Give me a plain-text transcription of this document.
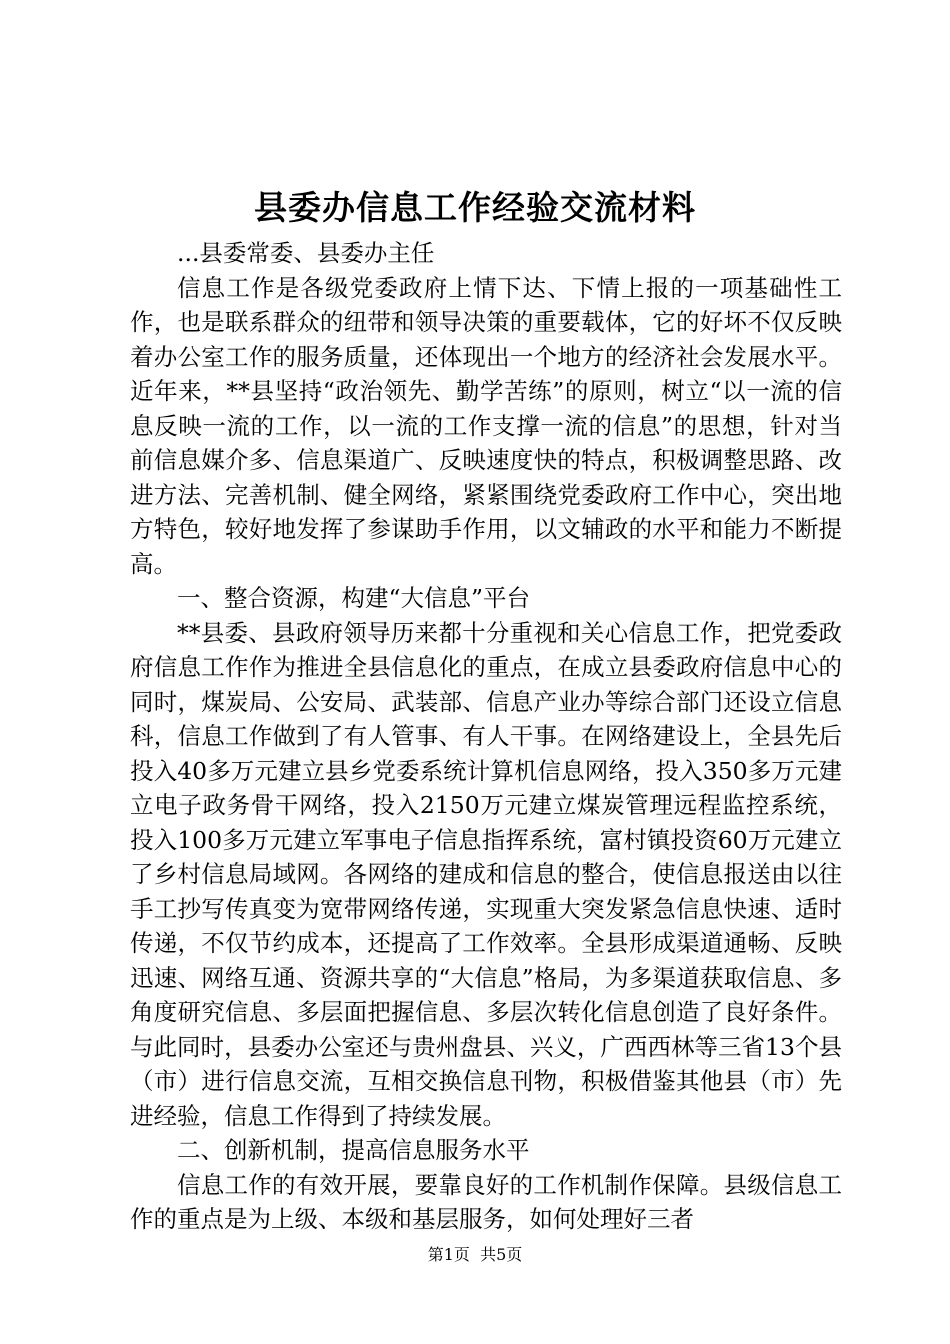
县委办信息工作经验交流材料

...县委常委、县委办主任

信息工作是各级党委政府上情下达、下情上报的一项基础性工作，也是联系群众的纽带和领导决策的重要载体，它的好坏不仅反映着办公室工作的服务质量，还体现出一个地方的经济社会发展水平。近年来，**县坚持“政治领先、勤学苦练”的原则，树立“以一流的信息反映一流的工作，以一流的工作支撑一流的信息”的思想，针对当前信息媒介多、信息渠道广、反映速度快的特点，积极调整思路、改进方法、完善机制、健全网络，紧紧围绕党委政府工作中心，突出地方特色，较好地发挥了参谋助手作用，以文辅政的水平和能力不断提高。

一、整合资源，构建“大信息”平台

**县委、县政府领导历来都十分重视和关心信息工作，把党委政府信息工作作为推进全县信息化的重点，在成立县委政府信息中心的同时，煤炭局、公安局、武装部、信息产业办等综合部门还设立信息科，信息工作做到了有人管事、有人干事。在网络建设上，全县先后投入40多万元建立县乡党委系统计算机信息网络，投入350多万元建立电子政务骨干网络，投入2150万元建立煤炭管理远程监控系统，投入100多万元建立军事电子信息指挥系统，富村镇投资60万元建立了乡村信息局域网。各网络的建成和信息的整合，使信息报送由以往手工抄写传真变为宽带网络传递，实现重大突发紧急信息快速、适时传递，不仅节约成本，还提高了工作效率。全县形成渠道通畅、反映迅速、网络互通、资源共享的“大信息”格局，为多渠道获取信息、多角度研究信息、多层面把握信息、多层次转化信息创造了良好条件。与此同时，县委办公室还与贵州盘县、兴义，广西西林等三省13个县（市）进行信息交流，互相交换信息刊物，积极借鉴其他县（市）先进经验，信息工作得到了持续发展。

二、创新机制，提高信息服务水平

信息工作的有效开展，要靠良好的工作机制作保障。县级信息工作的重点是为上级、本级和基层服务，如何处理好三者

第1页 共5页
